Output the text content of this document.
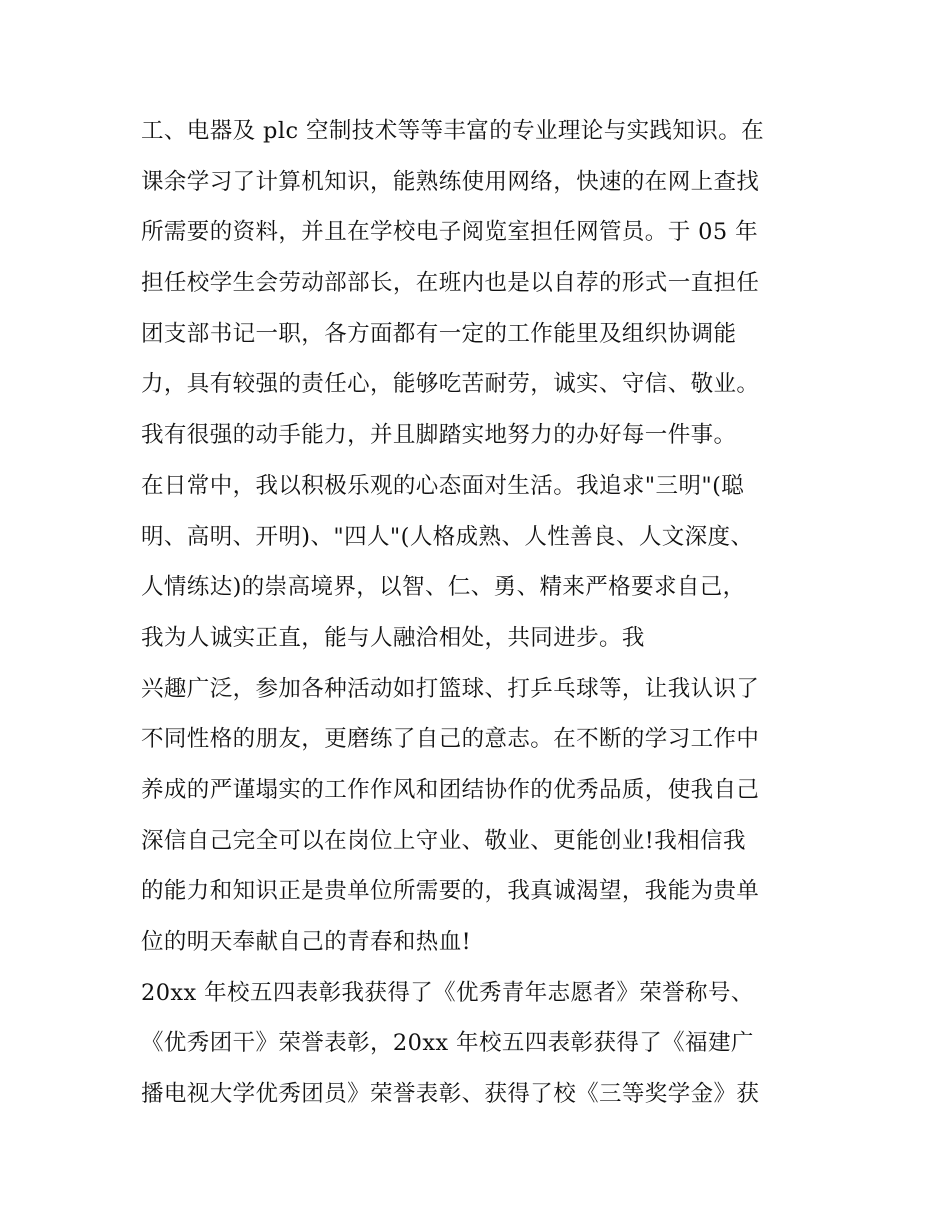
工、电器及 plc 空制技术等等丰富的专业理论与实践知识。在
课余学习了计算机知识，能熟练使用网络，快速的在网上查找
所需要的资料，并且在学校电子阅览室担任网管员。于 05 年
担任校学生会劳动部部长，在班内也是以自荐的形式一直担任
团支部书记一职，各方面都有一定的工作能里及组织协调能
力，具有较强的责任心，能够吃苦耐劳，诚实、守信、敬业。
我有很强的动手能力，并且脚踏实地努力的办好每一件事。
在日常中，我以积极乐观的心态面对生活。我追求"三明"(聪
明、高明、开明)、"四人"(人格成熟、人性善良、人文深度、
人情练达)的崇高境界，以智、仁、勇、精来严格要求自己，
我为人诚实正直，能与人融洽相处，共同进步。我
兴趣广泛，参加各种活动如打篮球、打乒乓球等，让我认识了
不同性格的朋友，更磨练了自己的意志。在不断的学习工作中
养成的严谨塌实的工作作风和团结协作的优秀品质，使我自己
深信自己完全可以在岗位上守业、敬业、更能创业!我相信我
的能力和知识正是贵单位所需要的，我真诚渴望，我能为贵单
位的明天奉献自己的青春和热血!
20xx 年校五四表彰我获得了《优秀青年志愿者》荣誉称号、
《优秀团干》荣誉表彰，20xx 年校五四表彰获得了《福建广
播电视大学优秀团员》荣誉表彰、获得了校《三等奖学金》获
